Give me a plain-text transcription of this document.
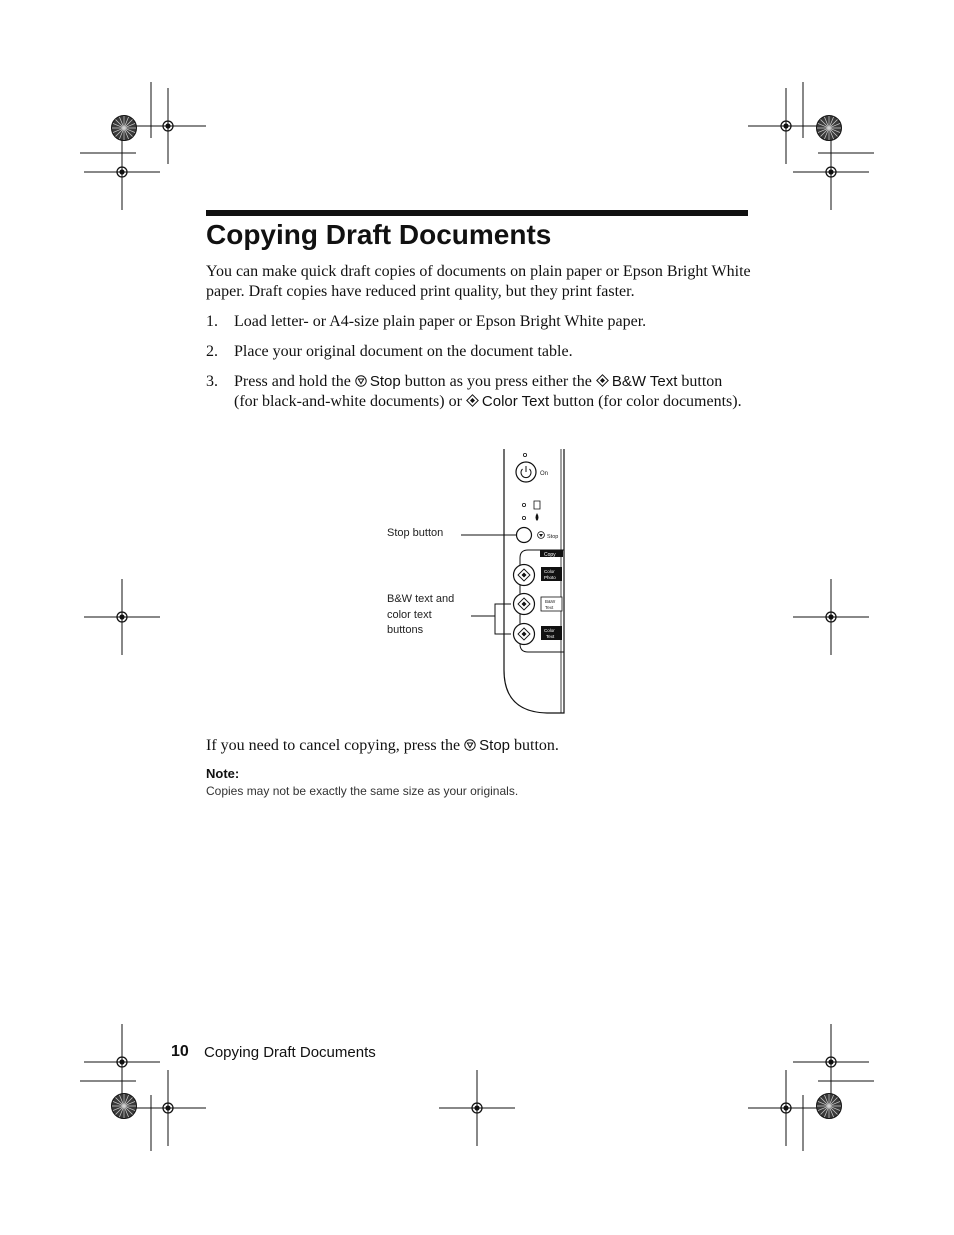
Copying Draft Documents
You can make quick draft copies of documents on plain paper or Epson Bright White paper. Draft copies have reduced print quality, but they print faster.
1. Load letter- or A4-size plain paper or Epson Bright White paper.
2. Place your original document on the document table.
3. Press and hold the Stop button as you press either the B&W Text button (for black-and-white documents) or Color Text button (for color documents).
Stop button
B&W text and
color text
buttons
On
Stop
Copy
Color
Photo
B&W
Text
Color
Text
If you need to cancel copying, press the Stop button.
Note:
Copies may not be exactly the same size as your originals.
10 Copying Draft Documents
